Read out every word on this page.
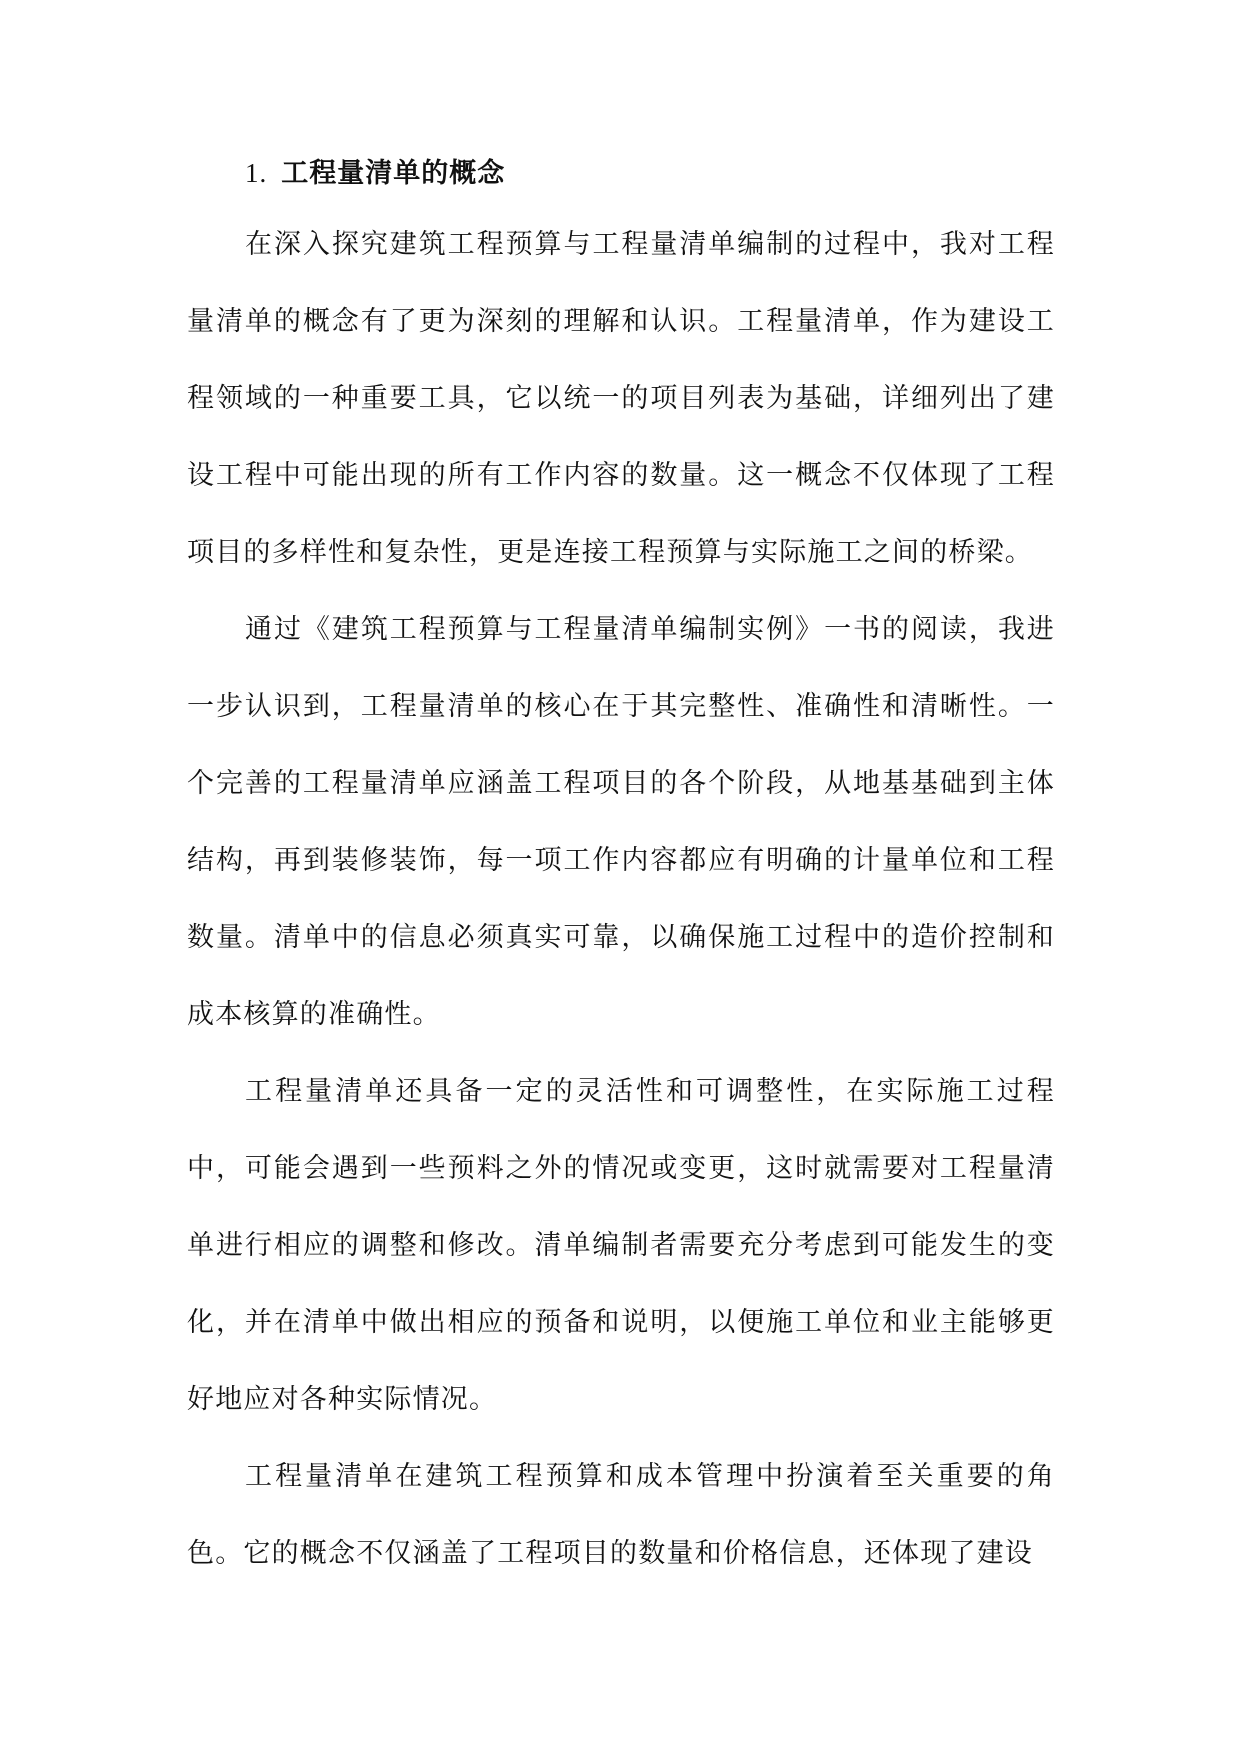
1. 工程量清单的概念

在深入探究建筑工程预算与工程量清单编制的过程中，我对工程量清单的概念有了更为深刻的理解和认识。工程量清单，作为建设工程领域的一种重要工具，它以统一的项目列表为基础，详细列出了建设工程中可能出现的所有工作内容的数量。这一概念不仅体现了工程项目的多样性和复杂性，更是连接工程预算与实际施工之间的桥梁。

通过《建筑工程预算与工程量清单编制实例》一书的阅读，我进一步认识到，工程量清单的核心在于其完整性、准确性和清晰性。一个完善的工程量清单应涵盖工程项目的各个阶段，从地基基础到主体结构，再到装修装饰，每一项工作内容都应有明确的计量单位和工程数量。清单中的信息必须真实可靠，以确保施工过程中的造价控制和成本核算的准确性。

工程量清单还具备一定的灵活性和可调整性，在实际施工过程中，可能会遇到一些预料之外的情况或变更，这时就需要对工程量清单进行相应的调整和修改。清单编制者需要充分考虑到可能发生的变化，并在清单中做出相应的预备和说明，以便施工单位和业主能够更好地应对各种实际情况。

工程量清单在建筑工程预算和成本管理中扮演着至关重要的角色。它的概念不仅涵盖了工程项目的数量和价格信息，还体现了建设
